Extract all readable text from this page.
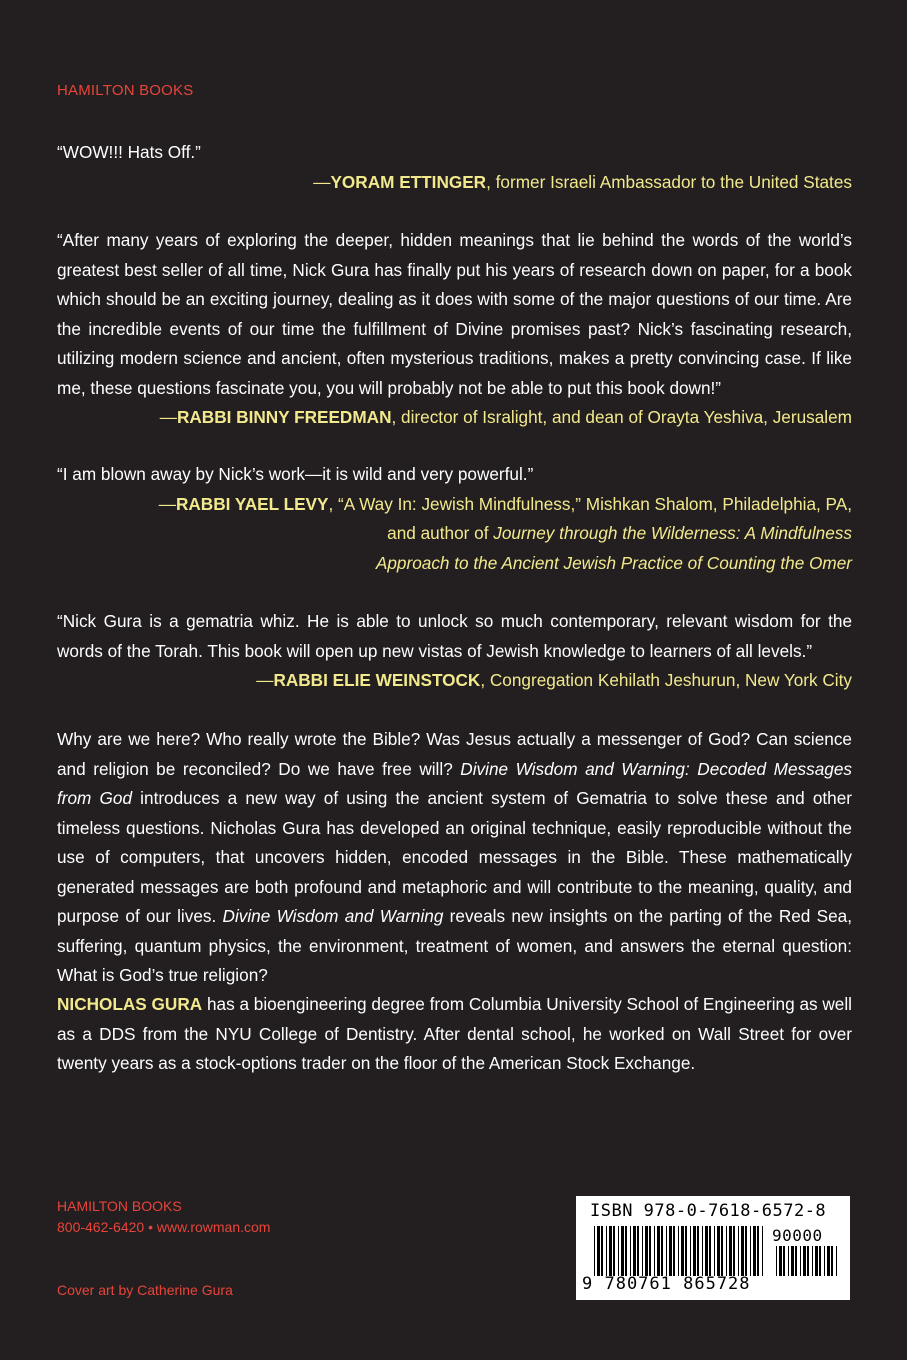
HAMILTON BOOKS

“WOW!!! Hats Off.”

—YORAM ETTINGER, former Israeli Ambassador to the United States

“After many years of exploring the deeper, hidden meanings that lie behind the words of the world’s greatest best seller of all time, Nick Gura has finally put his years of research down on paper, for a book which should be an exciting journey, dealing as it does with some of the major questions of our time. Are the incredible events of our time the fulfillment of Divine promises past? Nick’s fascinating research, utilizing modern science and ancient, often mysterious traditions, makes a pretty convincing case. If like me, these questions fascinate you, you will probably not be able to put this book down!”

—RABBI BINNY FREEDMAN, director of Isralight, and dean of Orayta Yeshiva, Jerusalem

“I am blown away by Nick’s work—it is wild and very powerful.”

—RABBI YAEL LEVY, “A Way In: Jewish Mindfulness,” Mishkan Shalom, Philadelphia, PA,

and author of Journey through the Wilderness: A Mindfulness

Approach to the Ancient Jewish Practice of Counting the Omer

“Nick Gura is a gematria whiz. He is able to unlock so much contemporary, relevant wisdom for the words of the Torah. This book will open up new vistas of Jewish knowledge to learners of all levels.”

—RABBI ELIE WEINSTOCK, Congregation Kehilath Jeshurun, New York City

Why are we here? Who really wrote the Bible? Was Jesus actually a messenger of God? Can science and religion be reconciled? Do we have free will? Divine Wisdom and Warning: Decoded Messages from God introduces a new way of using the ancient system of Gematria to solve these and other timeless questions. Nicholas Gura has developed an original technique, easily reproducible without the use of computers, that uncovers hidden, encoded messages in the Bible. These mathematically generated messages are both profound and metaphoric and will contribute to the meaning, quality, and purpose of our lives. Divine Wisdom and Warning reveals new insights on the parting of the Red Sea, suffering, quantum physics, the environment, treatment of women, and answers the eternal question: What is God’s true religion?

NICHOLAS GURA has a bioengineering degree from Columbia University School of Engineering as well as a DDS from the NYU College of Dentistry. After dental school, he worked on Wall Street for over twenty years as a stock-options trader on the floor of the American Stock Exchange.

HAMILTON BOOKS
800-462-6420 • www.rowman.com
Cover art by Catherine Gura
ISBN 978-0-7618-6572-8
90000
9 780761 865728
